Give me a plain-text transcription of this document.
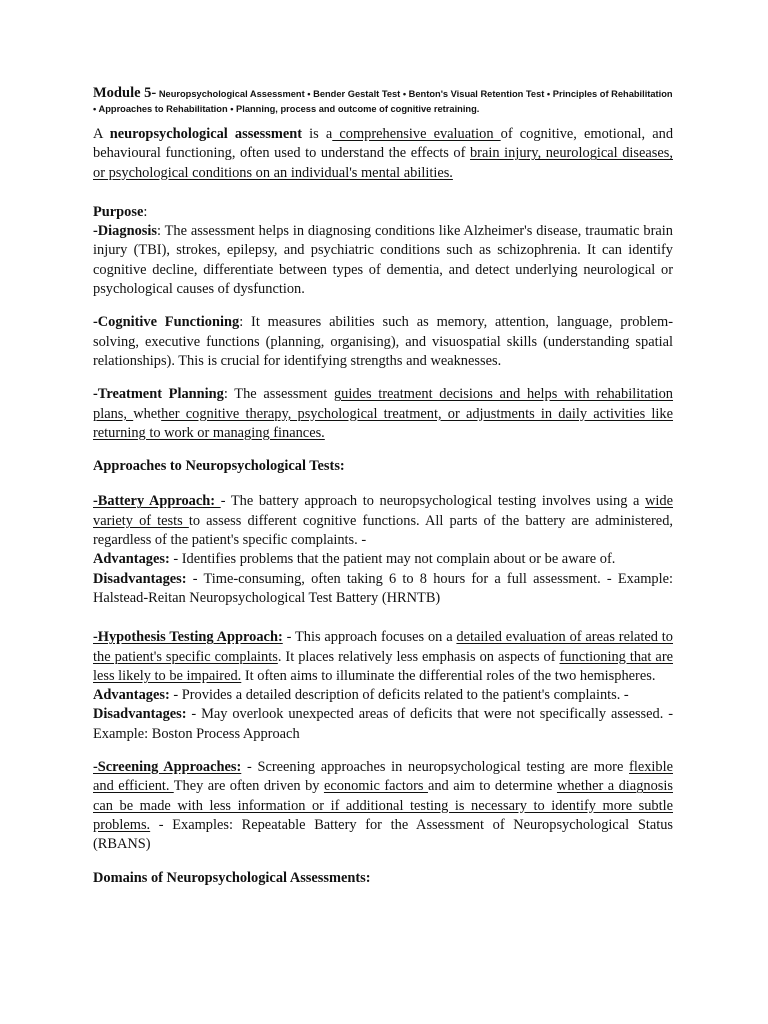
Module 5- Neuropsychological Assessment • Bender Gestalt Test • Benton's Visual Retention Test • Principles of Rehabilitation • Approaches to Rehabilitation • Planning, process and outcome of cognitive retraining.

A neuropsychological assessment is a comprehensive evaluation of cognitive, emotional, and behavioural functioning, often used to understand the effects of brain injury, neurological diseases, or psychological conditions on an individual's mental abilities.

Purpose:

-Diagnosis: The assessment helps in diagnosing conditions like Alzheimer's disease, traumatic brain injury (TBI), strokes, epilepsy, and psychiatric conditions such as schizophrenia. It can identify cognitive decline, differentiate between types of dementia, and detect underlying neurological or psychological causes of dysfunction.

-Cognitive Functioning: It measures abilities such as memory, attention, language, problem-solving, executive functions (planning, organising), and visuospatial skills (understanding spatial relationships). This is crucial for identifying strengths and weaknesses.

-Treatment Planning: The assessment guides treatment decisions and helps with rehabilitation plans, whether cognitive therapy, psychological treatment, or adjustments in daily activities like returning to work or managing finances.

Approaches to Neuropsychological Tests:

-Battery Approach: - The battery approach to neuropsychological testing involves using a wide variety of tests to assess different cognitive functions. All parts of the battery are administered, regardless of the patient's specific complaints. -

Advantages: - Identifies problems that the patient may not complain about or be aware of.

Disadvantages: - Time-consuming, often taking 6 to 8 hours for a full assessment. - Example: Halstead-Reitan Neuropsychological Test Battery (HRNTB)

-Hypothesis Testing Approach: - This approach focuses on a detailed evaluation of areas related to the patient's specific complaints. It places relatively less emphasis on aspects of functioning that are less likely to be impaired. It often aims to illuminate the differential roles of the two hemispheres.

Advantages: - Provides a detailed description of deficits related to the patient's complaints. -

Disadvantages: - May overlook unexpected areas of deficits that were not specifically assessed. - Example: Boston Process Approach

-Screening Approaches: - Screening approaches in neuropsychological testing are more flexible and efficient. They are often driven by economic factors and aim to determine whether a diagnosis can be made with less information or if additional testing is necessary to identify more subtle problems. - Examples: Repeatable Battery for the Assessment of Neuropsychological Status (RBANS)

Domains of Neuropsychological Assessments:
